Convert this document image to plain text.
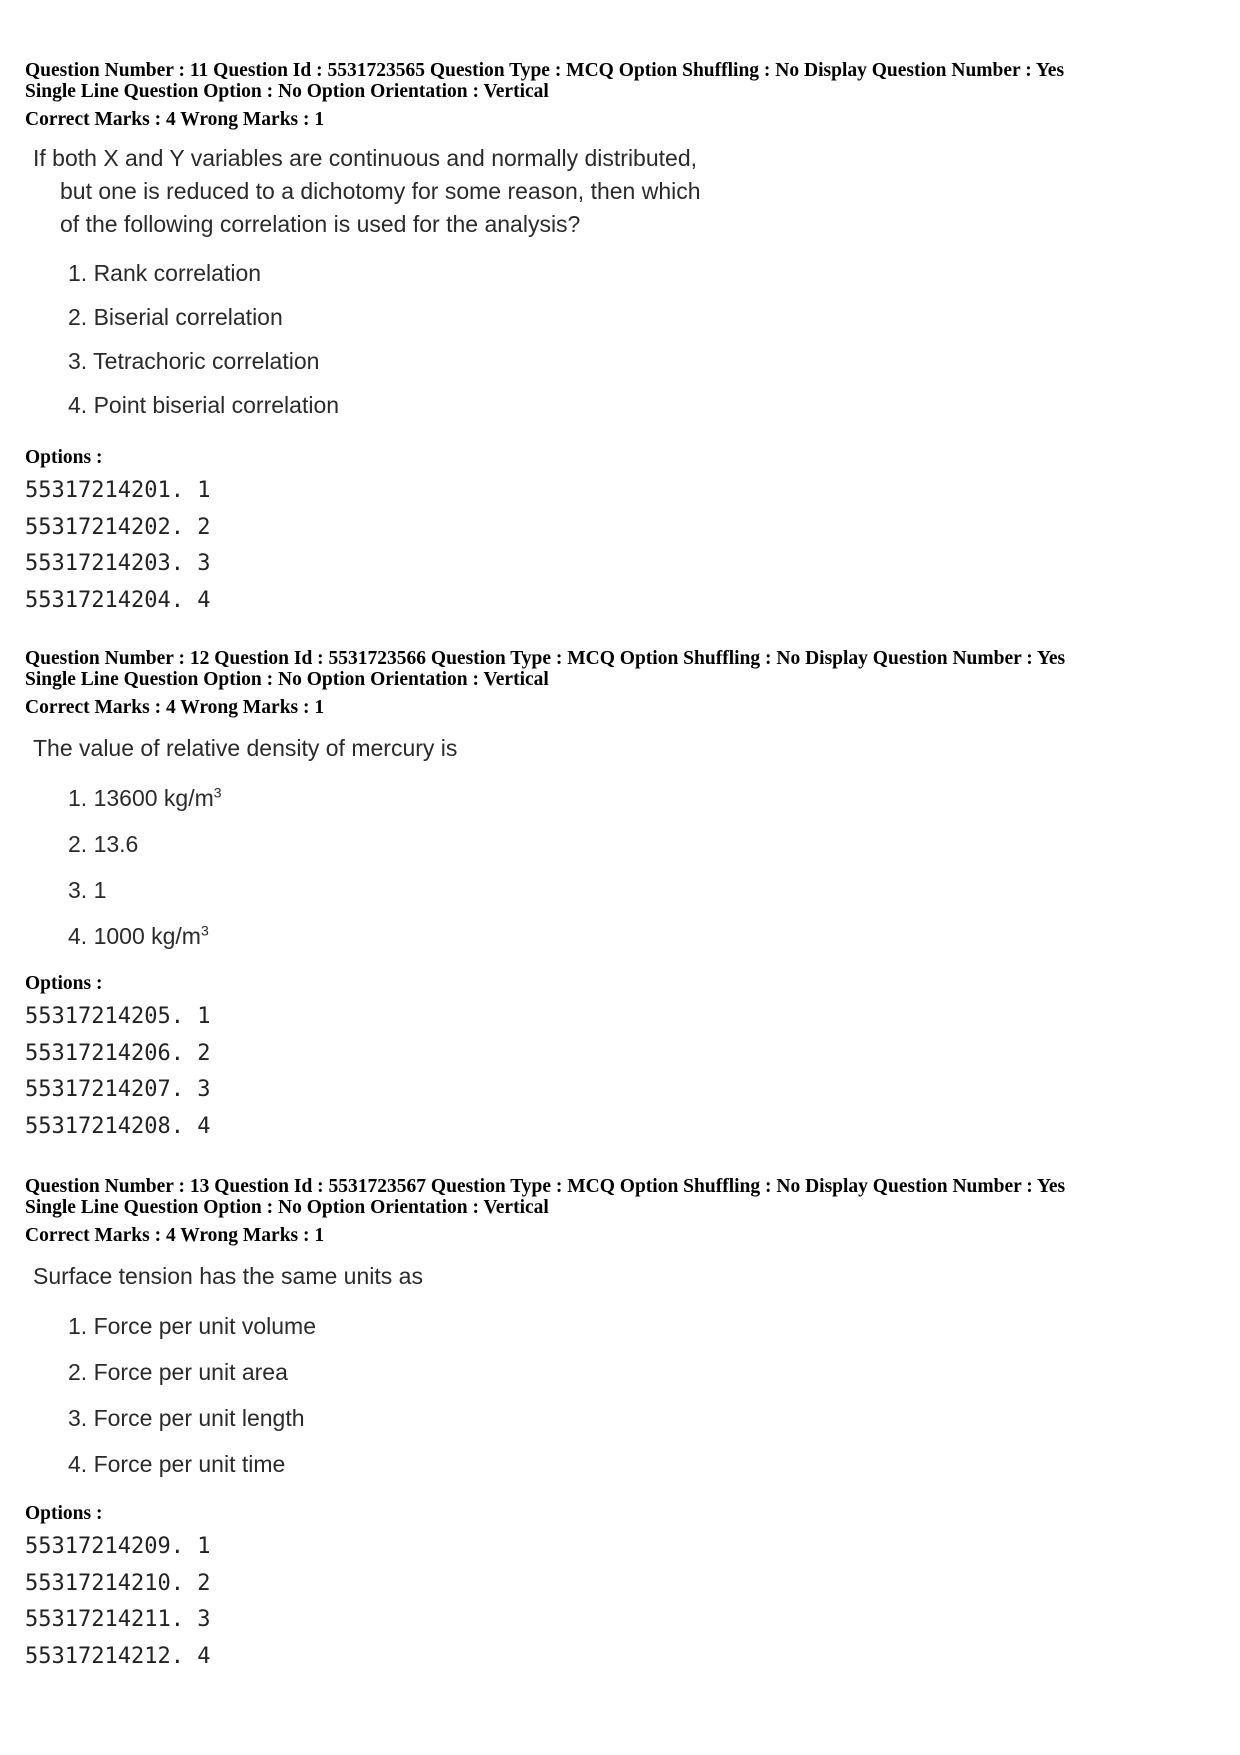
Question Number : 11 Question Id : 5531723565 Question Type : MCQ Option Shuffling : No Display Question Number : Yes
Single Line Question Option : No Option Orientation : Vertical
Correct Marks : 4 Wrong Marks : 1
If both X and Y variables are continuous and normally distributed,
but one is reduced to a dichotomy for some reason, then which
of the following correlation is used for the analysis?
1. Rank correlation
2. Biserial correlation
3. Tetrachoric correlation
4. Point biserial correlation
Options :
55317214201 . 1
55317214202 . 2
55317214203 . 3
55317214204 . 4
Question Number : 12 Question Id : 5531723566 Question Type : MCQ Option Shuffling : No Display Question Number : Yes
Single Line Question Option : No Option Orientation : Vertical
Correct Marks : 4 Wrong Marks : 1
The value of relative density of mercury is
1. 13600 $kg/m^3$
2. 13.6
3. 1
4. 1000 $kg/m^3$
Options :
55317214205 . 1
55317214206 . 2
55317214207 . 3
55317214208 . 4
Question Number : 13 Question Id : 5531723567 Question Type : MCQ Option Shuffling : No Display Question Number : Yes
Single Line Question Option : No Option Orientation : Vertical
Correct Marks : 4 Wrong Marks : 1
Surface tension has the same units as
1. Force per unit volume
2. Force per unit area
3. Force per unit length
4. Force per unit time
Options :
55317214209 . 1
55317214210 . 2
55317214211 . 3
55317214212 . 4
